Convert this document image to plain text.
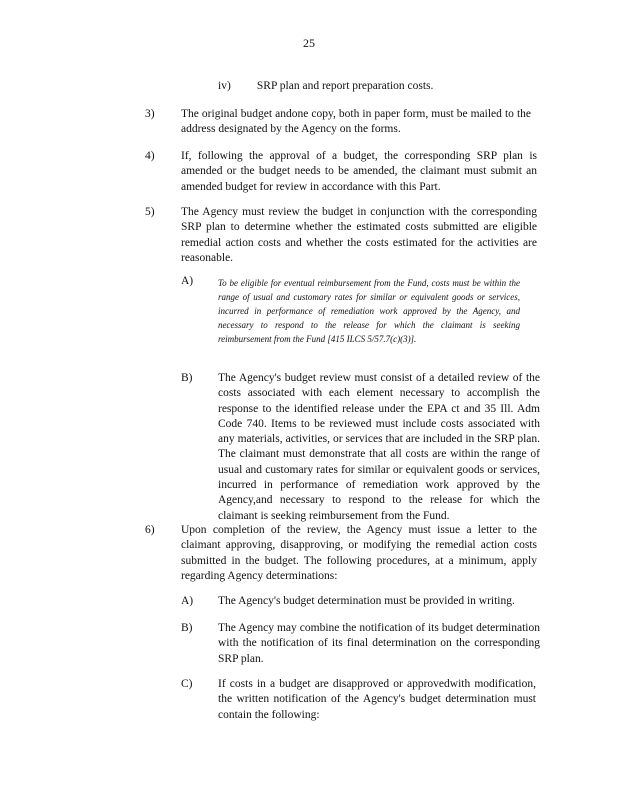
25
iv) SRP plan and report preparation costs.
3) The original budget andone copy, both in paper form, must be mailed to the address designated by the Agency on the forms.
4) If, following the approval of a budget, the corresponding SRP plan is amended or the budget needs to be amended, the claimant must submit an amended budget for review in accordance with this Part.
5) The Agency must review the budget in conjunction with the corresponding SRP plan to determine whether the estimated costs submitted are eligible remedial action costs and whether the costs estimated for the activities are reasonable.
A)	To be eligible for eventual reimbursement from the Fund, costs must be within the range of usual and customary rates for similar or equivalent goods or services, incurred in performance of remediation work approved by the Agency, and necessary to respond to the release for which the claimant is seeking reimbursement from the Fund [415 ILCS 5/57.7(c)(3)].
B) The Agency's budget review must consist of a detailed review of the costs associated with each element necessary to accomplish the response to the identified release under the EPA ct and 35 Ill. Adm Code 740. Items to be reviewed must include costs associated with any materials, activities, or services that are included in the SRP plan. The claimant must demonstrate that all costs are within the range of usual and customary rates for similar or equivalent goods or services, incurred in performance of remediation work approved by the Agency,and necessary to respond to the release for which the claimant is seeking reimbursement from the Fund.
6) Upon completion of the review, the Agency must issue a letter to the claimant approving, disapproving, or modifying the remedial action costs submitted in the budget. The following procedures, at a minimum, apply regarding Agency determinations:
A) The Agency's budget determination must be provided in writing.
B) The Agency may combine the notification of its budget determination with the notification of its final determination on the corresponding SRP plan.
C) If costs in a budget are disapproved or approvedwith modification, the written notification of the Agency's budget determination must contain the following:
